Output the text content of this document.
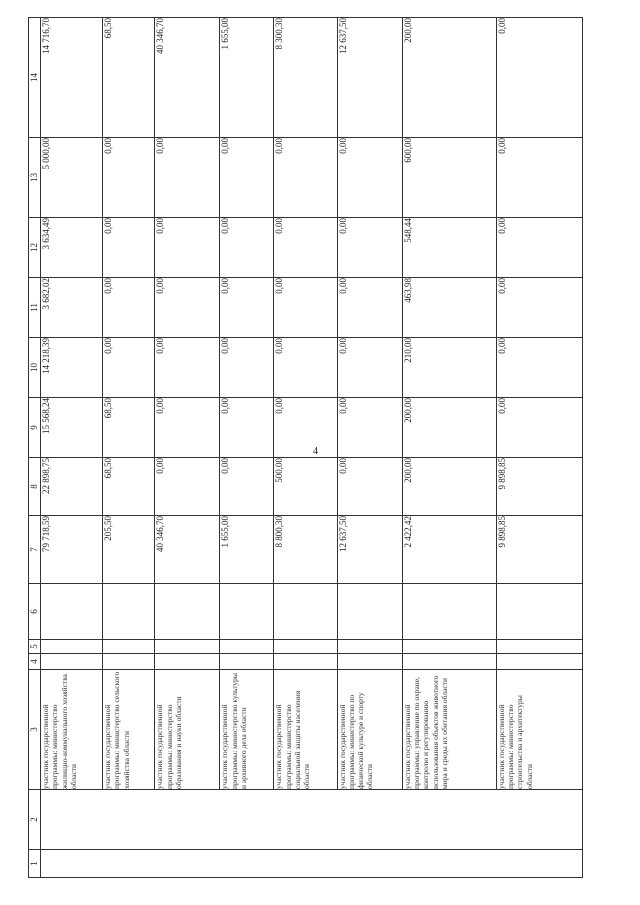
4
1	2	3	4	5	6	7	8	9	10	11	12	13	14
		участник государственной программы: министерство жилищно-коммунального хозяйства области				79 718,59	22 898,75	15 568,24	14 218,39	3 682,02	3 634,49	5 000,00	14 716,70
		участник государственной программы: министерство сельского хозяйства области				205,50	68,50	68,50	0,00	0,00	0,00	0,00	68,50
		участник государственной программы: министерство образования и науки области				40 346,70	0,00	0,00	0,00	0,00	0,00	0,00	40 346,70
		участник государственной программы: министерство культуры и архивного дела области				1 655,00	0,00	0,00	0,00	0,00	0,00	0,00	1 655,00
		участник государственной программы: министерство социальной защиты населения области				8 800,30	500,00	0,00	0,00	0,00	0,00	0,00	8 300,30
		участник государственной программы: министерство по физической культуре и спорту области				12 637,50	0,00	0,00	0,00	0,00	0,00	0,00	12 637,50
		участник государственной программы: управление по охране, контролю и регулированию использования объектов животного мира и среды их обитания области				2 422,42	200,00	200,00	210,00	463,98	548,44	600,00	200,00
		участник государственной программы: министерство строительства и архитектуры области				9 898,85	9 898,85	0,00	0,00	0,00	0,00	0,00	0,00
